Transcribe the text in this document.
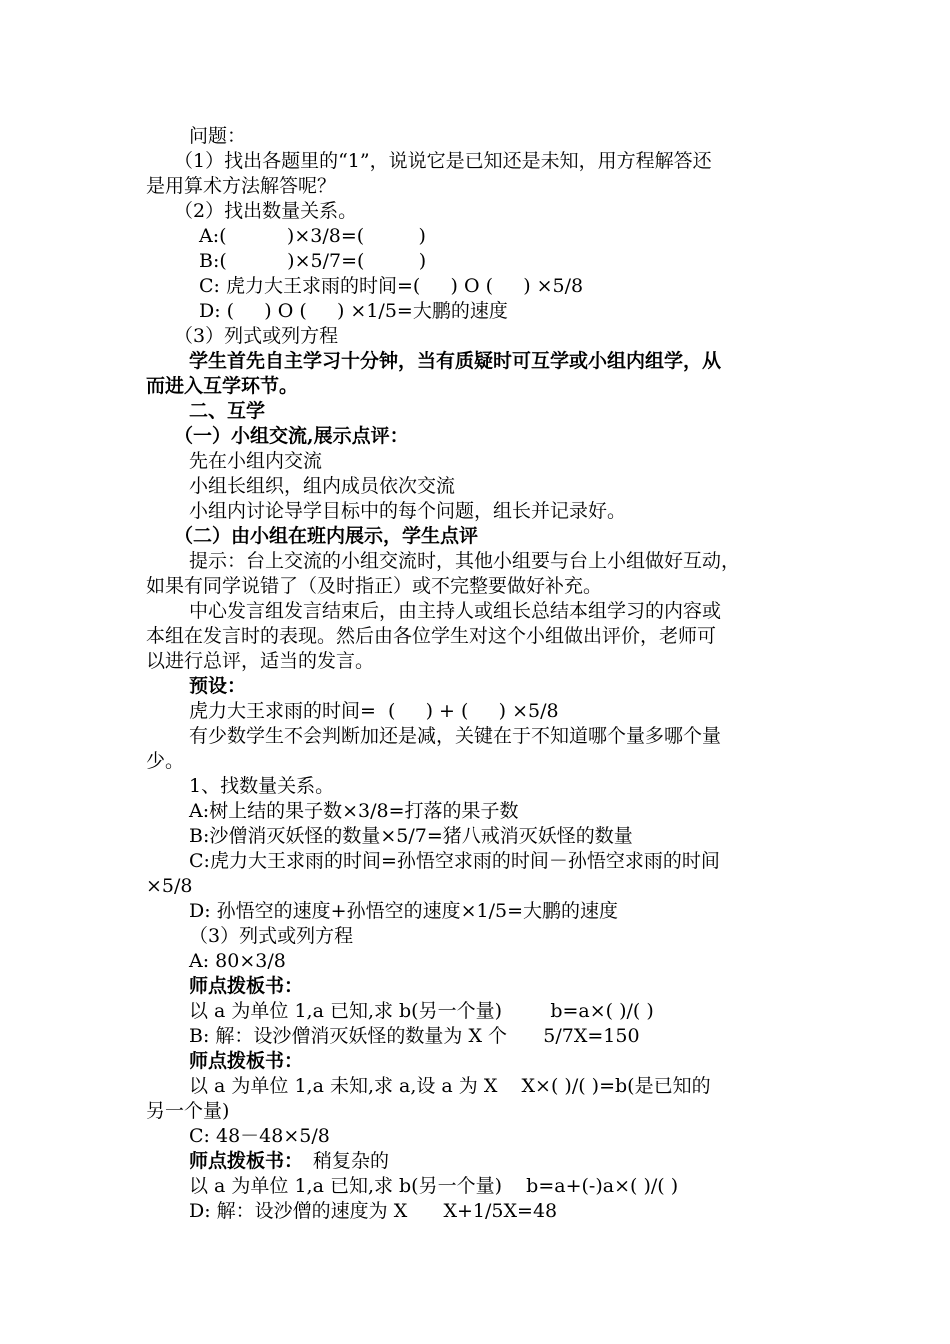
问题：
（1）找出各题里的“1”，说说它是已知还是未知，用方程解答还
是用算术方法解答呢？
（2）找出数量关系。
A:(          )×3/8=(         )
B:(          )×5/7=(         )
C: 虎力大王求雨的时间=(     ) O (     ) ×5/8
D: (     ) O (     ) ×1/5=大鹏的速度
（3）列式或列方程
学生首先自主学习十分钟，当有质疑时可互学或小组内组学，从
而进入互学环节。
二、互学
（一）小组交流,展示点评：
先在小组内交流
小组长组织，组内成员依次交流
小组内讨论导学目标中的每个问题，组长并记录好。
（二）由小组在班内展示，学生点评
提示：台上交流的小组交流时，其他小组要与台上小组做好互动，
如果有同学说错了（及时指正）或不完整要做好补充。
中心发言组发言结束后，由主持人或组长总结本组学习的内容或
本组在发言时的表现。然后由各位学生对这个小组做出评价，老师可
以进行总评，适当的发言。
预设：
虎力大王求雨的时间=  (     ) + (     ) ×5/8
有少数学生不会判断加还是减，关键在于不知道哪个量多哪个量
少。
1、找数量关系。
A:树上结的果子数×3/8=打落的果子数
B:沙僧消灭妖怪的数量×5/7=猪八戒消灭妖怪的数量
C:虎力大王求雨的时间=孙悟空求雨的时间－孙悟空求雨的时间
×5/8
D: 孙悟空的速度+孙悟空的速度×1/5=大鹏的速度
（3）列式或列方程
A: 80×3/8
师点拨板书：
以 a 为单位 1,a 已知,求 b(另一个量)        b=a×( )/( )
B: 解：设沙僧消灭妖怪的数量为 X 个      5/7X=150
师点拨板书：
以 a 为单位 1,a 未知,求 a,设 a 为 X    X×( )/( )=b(是已知的
另一个量)
C: 48－48×5/8
师点拨板书： 稍复杂的
以 a 为单位 1,a 已知,求 b(另一个量)    b=a+(-)a×( )/( )
D: 解：设沙僧的速度为 X      X+1/5X=48
